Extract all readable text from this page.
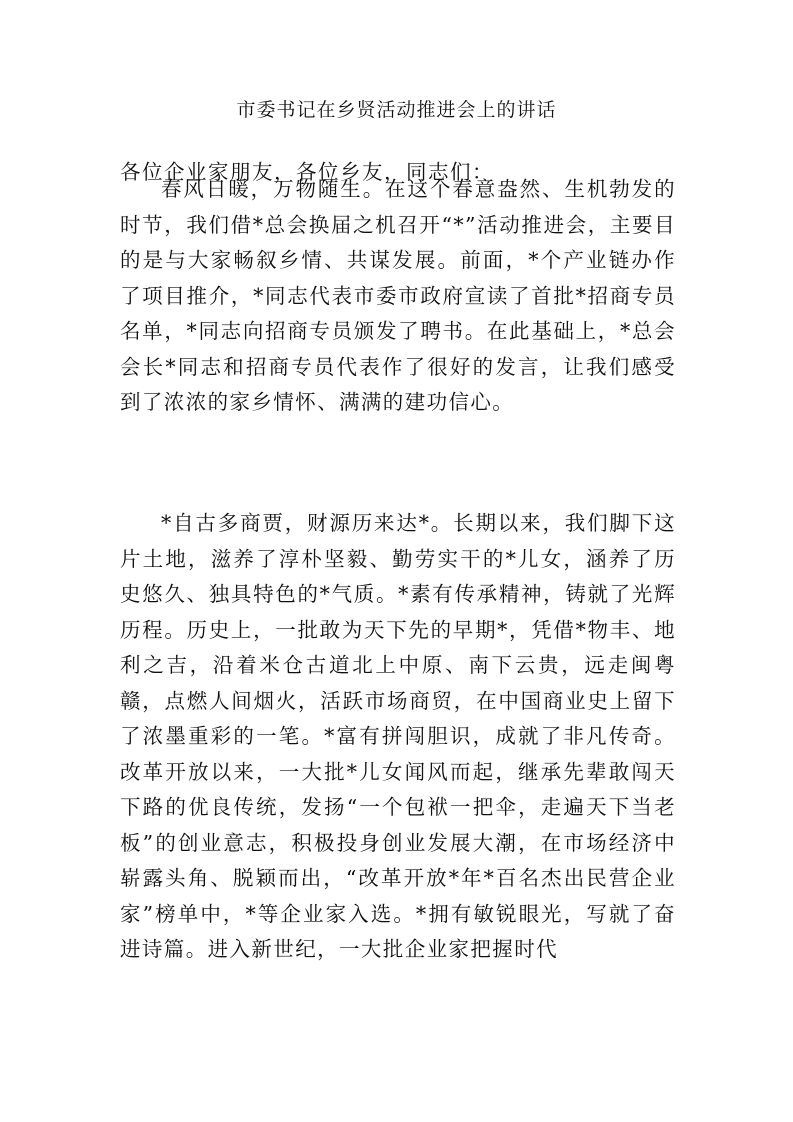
市委书记在乡贤活动推进会上的讲话
各位企业家朋友，各位乡友，同志们：

春风日暖，万物随生。在这个春意盎然、生机勃发的时节，我们借*总会换届之机召开“*”活动推进会，主要目的是与大家畅叙乡情、共谋发展。前面，*个产业链办作了项目推介，*同志代表市委市政府宣读了首批*招商专员名单，*同志向招商专员颁发了聘书。在此基础上，*总会会长*同志和招商专员代表作了很好的发言，让我们感受到了浓浓的家乡情怀、满满的建功信心。

*自古多商贾，财源历来达*。长期以来，我们脚下这片土地，滋养了淳朴坚毅、勤劳实干的*儿女，涵养了历史悠久、独具特色的*气质。*素有传承精神，铸就了光辉历程。历史上，一批敢为天下先的早期*，凭借*物丰、地利之吉，沿着米仓古道北上中原、南下云贵，远走闽粤赣，点燃人间烟火，活跃市场商贸，在中国商业史上留下了浓墨重彩的一笔。*富有拼闯胆识，成就了非凡传奇。改革开放以来，一大批*儿女闻风而起，继承先辈敢闯天下路的优良传统，发扬“一个包袱一把伞，走遍天下当老板”的创业意志，积极投身创业发展大潮，在市场经济中崭露头角、脱颖而出，“改革开放*年*百名杰出民营企业家”榜单中，*等企业家入选。*拥有敏锐眼光，写就了奋进诗篇。进入新世纪，一大批企业家把握时代
